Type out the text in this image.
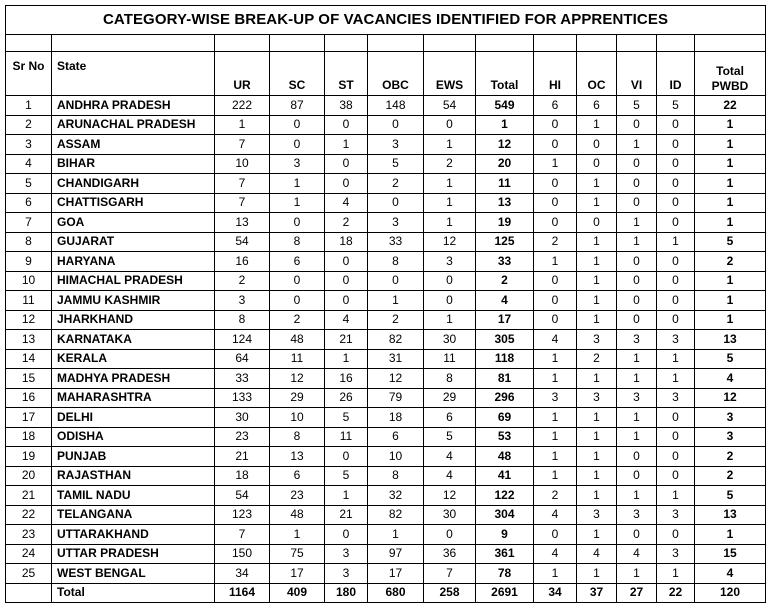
CATEGORY-WISE BREAK-UP OF VACANCIES IDENTIFIED FOR APPRENTICES												

Sr No	State	UR	SC	ST	OBC	EWS	Total	HI	OC	VI	ID	Total
PWBD

1	ANDHRA PRADESH	222	87	38	148	54	549	6	6	5	5	22
2	ARUNACHAL PRADESH	1	0	0	0	0	1	0	1	0	0	1
3	ASSAM	7	0	1	3	1	12	0	0	1	0	1
4	BIHAR	10	3	0	5	2	20	1	0	0	0	1
5	CHANDIGARH	7	1	0	2	1	11	0	1	0	0	1
6	CHATTISGARH	7	1	4	0	1	13	0	1	0	0	1
7	GOA	13	0	2	3	1	19	0	0	1	0	1
8	GUJARAT	54	8	18	33	12	125	2	1	1	1	5
9	HARYANA	16	6	0	8	3	33	1	1	0	0	2
10	HIMACHAL PRADESH	2	0	0	0	0	2	0	1	0	0	1
11	JAMMU KASHMIR	3	0	0	1	0	4	0	1	0	0	1
12	JHARKHAND	8	2	4	2	1	17	0	1	0	0	1
13	KARNATAKA	124	48	21	82	30	305	4	3	3	3	13
14	KERALA	64	11	1	31	11	118	1	2	1	1	5
15	MADHYA PRADESH	33	12	16	12	8	81	1	1	1	1	4
16	MAHARASHTRA	133	29	26	79	29	296	3	3	3	3	12
17	DELHI	30	10	5	18	6	69	1	1	1	0	3
18	ODISHA	23	8	11	6	5	53	1	1	1	0	3
19	PUNJAB	21	13	0	10	4	48	1	1	0	0	2
20	RAJASTHAN	18	6	5	8	4	41	1	1	0	0	2
21	TAMIL NADU	54	23	1	32	12	122	2	1	1	1	5
22	TELANGANA	123	48	21	82	30	304	4	3	3	3	13
23	UTTARAKHAND	7	1	0	1	0	9	0	1	0	0	1
24	UTTAR PRADESH	150	75	3	97	36	361	4	4	4	3	15
25	WEST BENGAL	34	17	3	17	7	78	1	1	1	1	4
	Total	1164	409	180	680	258	2691	34	37	27	22	120
